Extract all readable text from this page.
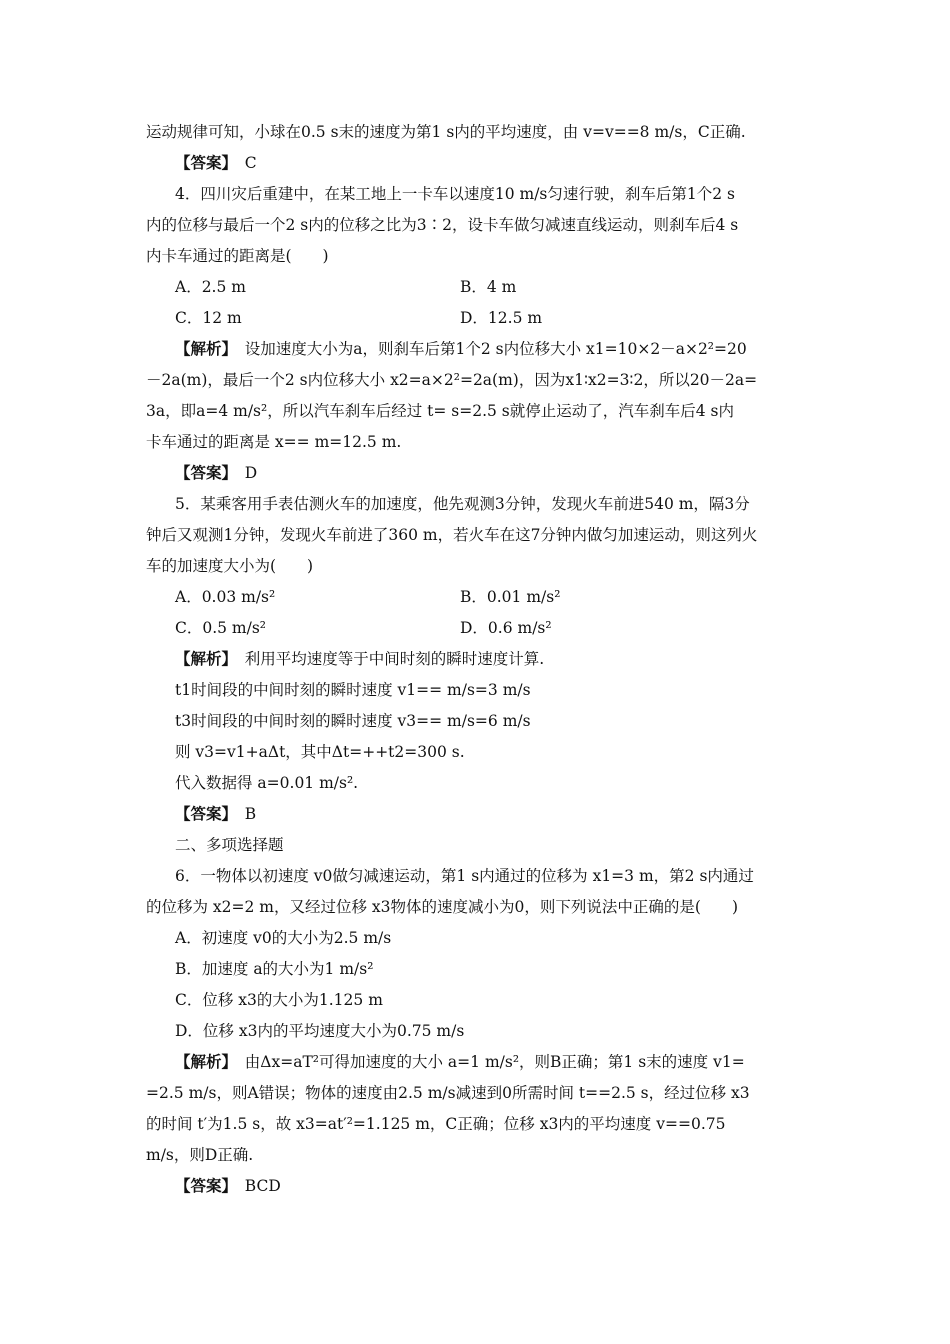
运动规律可知，小球在0.5 s末的速度为第1 s内的平均速度，由 v=v==8 m/s，C正确.
【答案】　 C
4．四川灾后重建中，在某工地上一卡车以速度10 m/s匀速行驶，刹车后第1个2 s
内的位移与最后一个2 s内的位移之比为3∶2，设卡车做匀减速直线运动，则刹车后4 s
内卡车通过的距离是(　　)
A．2.5 m	B．4 m
C．12 m	D．12.5 m
【解析】　 设加速度大小为a，则刹车后第1个2 s内位移大小 x1=10×2－a×2²=20
－2a(m)，最后一个2 s内位移大小 x2=a×2²=2a(m)，因为x1∶x2=3∶2，所以20－2a=
3a，即a=4 m/s²，所以汽车刹车后经过 t= s=2.5 s就停止运动了，汽车刹车后4 s内
卡车通过的距离是 x== m=12.5 m.
【答案】　 D
5．某乘客用手表估测火车的加速度，他先观测3分钟，发现火车前进540 m，隔3分
钟后又观测1分钟，发现火车前进了360 m，若火车在这7分钟内做匀加速运动，则这列火
车的加速度大小为(　　)
A．0.03 m/s²	B．0.01 m/s²
C．0.5 m/s²	D．0.6 m/s²
【解析】　 利用平均速度等于中间时刻的瞬时速度计算.
t1时间段的中间时刻的瞬时速度 v1== m/s=3 m/s
t3时间段的中间时刻的瞬时速度 v3== m/s=6 m/s
则 v3=v1+aΔt，其中Δt=++t2=300 s.
代入数据得 a=0.01 m/s².
【答案】　 B
二、多项选择题
6．一物体以初速度 v0做匀减速运动，第1 s内通过的位移为 x1=3 m，第2 s内通过
的位移为 x2=2 m，又经过位移 x3物体的速度减小为0，则下列说法中正确的是(　　)
A．初速度 v0的大小为2.5 m/s
B．加速度 a的大小为1 m/s²
C．位移 x3的大小为1.125 m
D．位移 x3内的平均速度大小为0.75 m/s
【解析】　 由Δx=aT²可得加速度的大小 a=1 m/s²，则B正确；第1 s末的速度 v1=
=2.5 m/s，则A错误；物体的速度由2.5 m/s减速到0所需时间 t==2.5 s，经过位移 x3
的时间 t′为1.5 s，故 x3=at′²=1.125 m，C正确；位移 x3内的平均速度 v==0.75
m/s，则D正确.
【答案】　 BCD
